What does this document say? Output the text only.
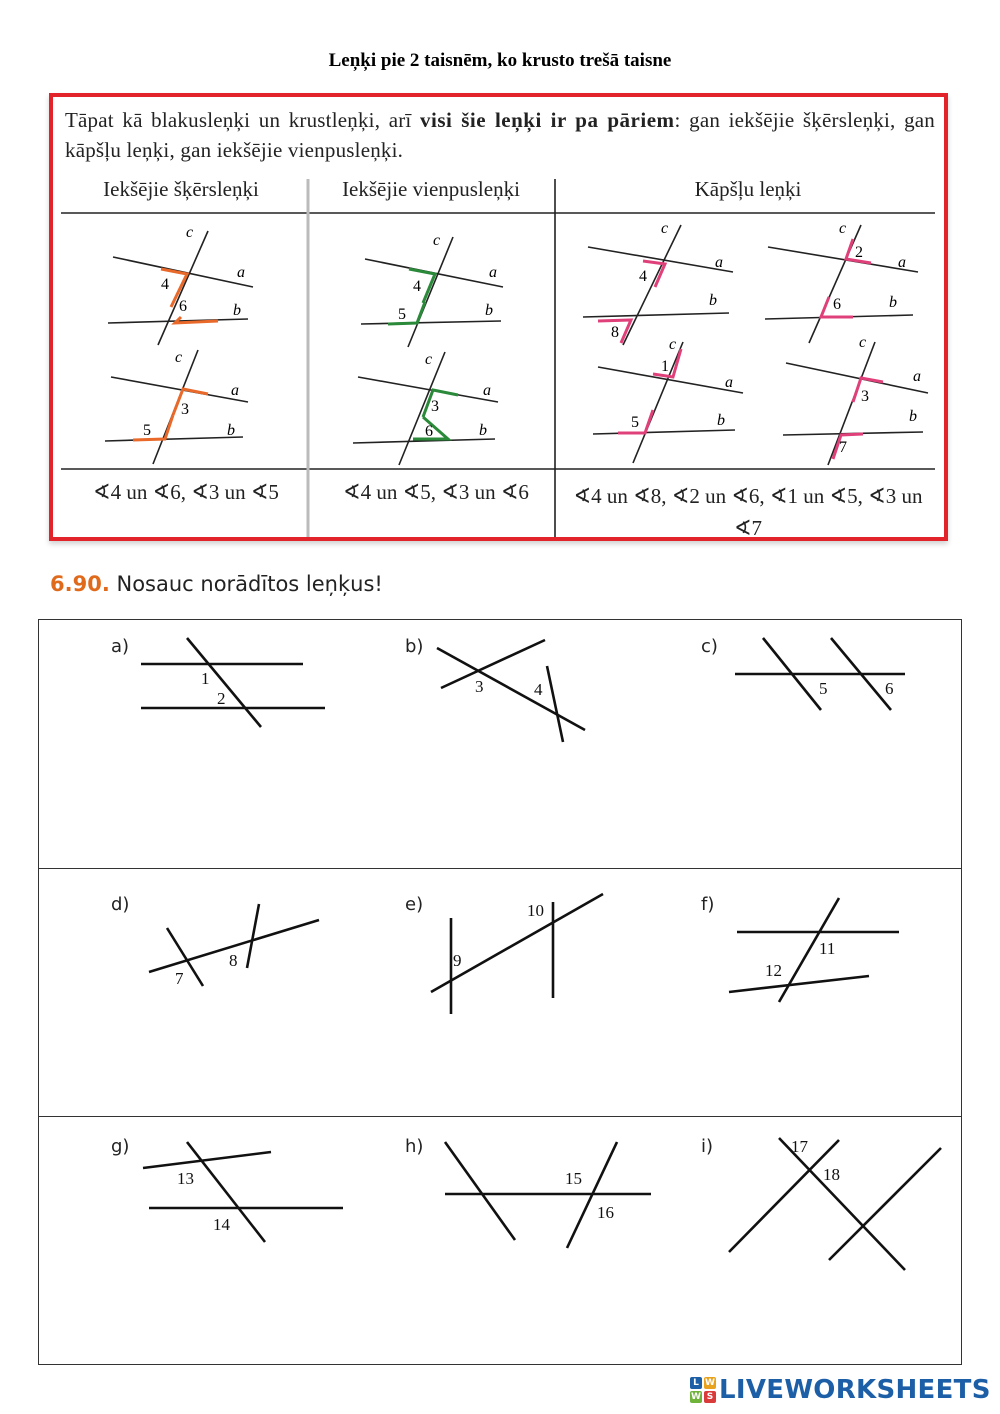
Leņķi pie 2 taisnēm, ko krusto trešā taisne
Tāpat kā blakusleņķi un krustleņķi, arī visi šie leņķi ir pa pāriem: gan iekšējie šķērsleņķi, gan kāpšļu leņķi, gan iekšējie vienpusleņķi.
Iekšējie šķērsleņķi	Iekšējie vienpusleņķi	Kāpšļu leņķi
∢4 un ∢6, ∢3 un ∢5	∢4 un ∢5, ∢3 un ∢6	∢4 un ∢8, ∢2 un ∢6, ∢1 un ∢5, ∢3 un ∢7
c
a
b
4
6
c
a
b
3
5
c
a
b
4
5
c
a
b
3
6
c
a
b
4
8
c
a
b
2
6
c
a
b
1
5
c
a
b
3
7
6.90. Nosauc norādītos leņķus!
a)	b)	c)
d)	e)	f)
g)	h)	i)
1
2
3	4	5	6
7
8	9
10
11
12
13
14
15
16
17
18
L W
W S LIVEWORKSHEETS
